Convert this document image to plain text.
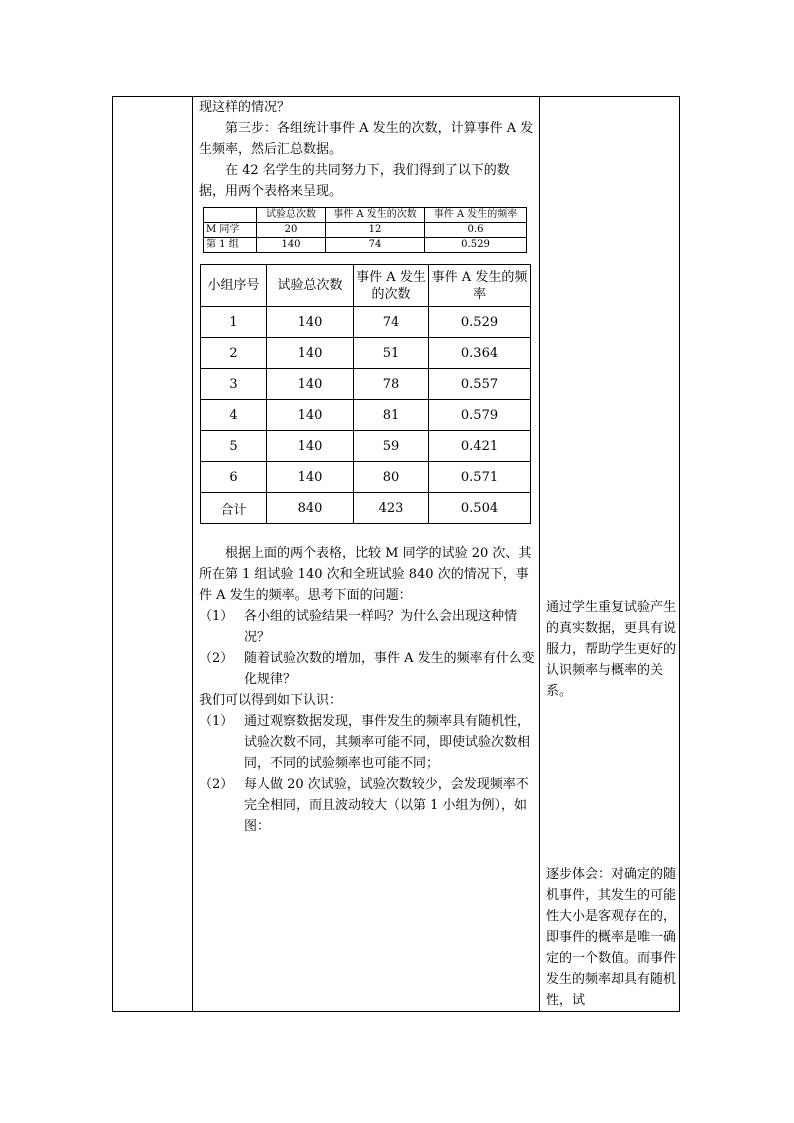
现这样的情况？

第三步：各组统计事件 A 发生的次数，计算事件 A 发生频率，然后汇总数据。

在 42 名学生的共同努力下，我们得到了以下的数据，用两个表格来呈现。

	试验总次数	事件 A 发生的次数	事件 A 发生的频率
M 同学	20	12	0.6
第 1 组	140	74	0.529
小组序号	试验总次数	事件 A 发生的次数	事件 A 发生的频率
1	140	74	0.529
2	140	51	0.364
3	140	78	0.557
4	140	81	0.579
5	140	59	0.421
6	140	80	0.571
合计	840	423	0.504

根据上面的两个表格，比较 M 同学的试验 20 次、其所在第 1 组试验 140 次和全班试验 840 次的情况下，事件 A 发生的频率。思考下面的问题：

（1） 各小组的试验结果一样吗？为什么会出现这种情况？
（2） 随着试验次数的增加，事件 A 发生的频率有什么变化规律？

我们可以得到如下认识：

（1） 通过观察数据发现，事件发生的频率具有随机性，试验次数不同，其频率可能不同，即使试验次数相同，不同的试验频率也可能不同；
（2） 每人做 20 次试验，试验次数较少，会发现频率不完全相同，而且波动较大（以第 1 小组为例），如图：
通过学生重复试验产生的真实数据，更具有说服力，帮助学生更好的认识频率与概率的关系。
逐步体会：对确定的随机事件，其发生的可能性大小是客观存在的，即事件的概率是唯一确定的一个数值。而事件发生的频率却具有随机性，试
